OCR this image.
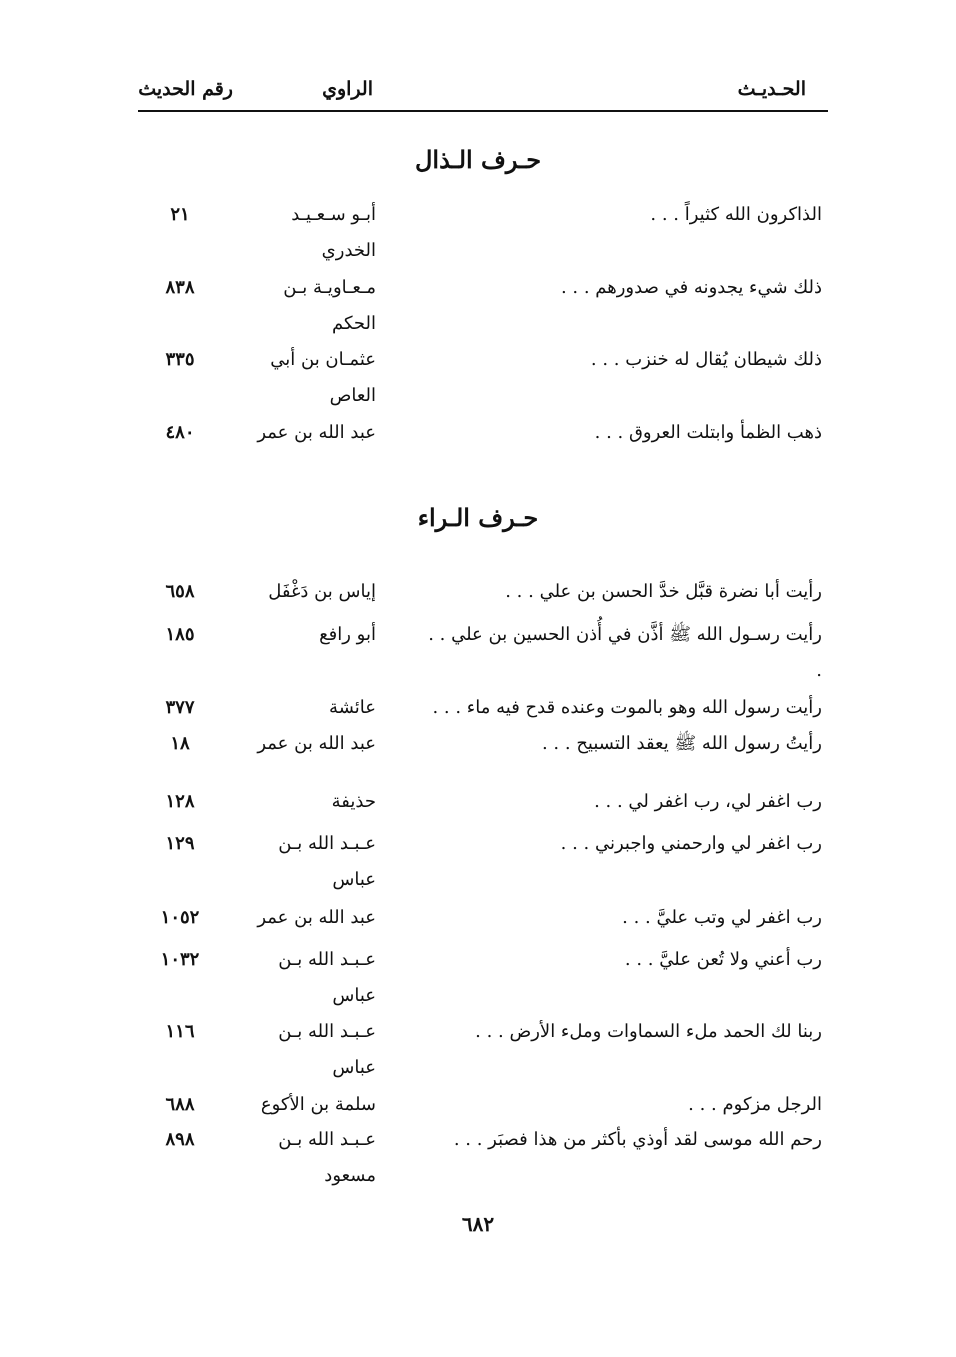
الحـديـث
الراوي
رقم الحديث
حـرف الـذال
الذاكرون الله كثيراً . . .
أبـو سـعـيـد الخدري
٢١
ذلك شيء يجدونه في صدورهم . . .
مـعـاويـة بـن الحكم
٨٣٨
ذلك شيطان يُقال له خنزب . . .
عثمـان بن أبي العاص
٣٣٥
ذهب الظمأ وابتلت العروق . . .
عبد الله بن عمر
٤٨٠
حـرف الـراء
رأيت أبا نضرة قبَّل خدَّ الحسن بن علي . . .
إياس بن دَغْفَل
٦٥٨
رأيت رسـول الله ﷺ أذَّن في أُذن الحسين بن علي . . .
أبو رافع
١٨٥
رأيت رسول الله وهو بالموت وعنده قدح فيه ماء . . .
عائشة
٣٧٧
رأيتُ رسول الله ﷺ يعقد التسبيح . . .
عبد الله بن عمر
١٨
رب اغفر لي، رب اغفر لي . . .
حذيفة
١٢٨
رب اغفر لي وارحمني واجبرني . . .
عـبـد الله بـن عباس
١٢٩
رب اغفر لي وتب عليَّ . . .
عبد الله بن عمر
١٠٥٢
رب أعني ولا تُعن عليَّ . . .
عـبـد الله بـن عباس
١٠٣٢
ربنا لك الحمد ملء السماوات وملء الأرض . . .
عـبـد الله بـن عباس
١١٦
الرجل مزكوم . . .
سلمة بن الأكوع
٦٨٨
رحم الله موسى لقد أوذي بأكثر من هذا فصبَر . . .
عـبـد الله بـن مسعود
٨٩٨
٦٨٢
